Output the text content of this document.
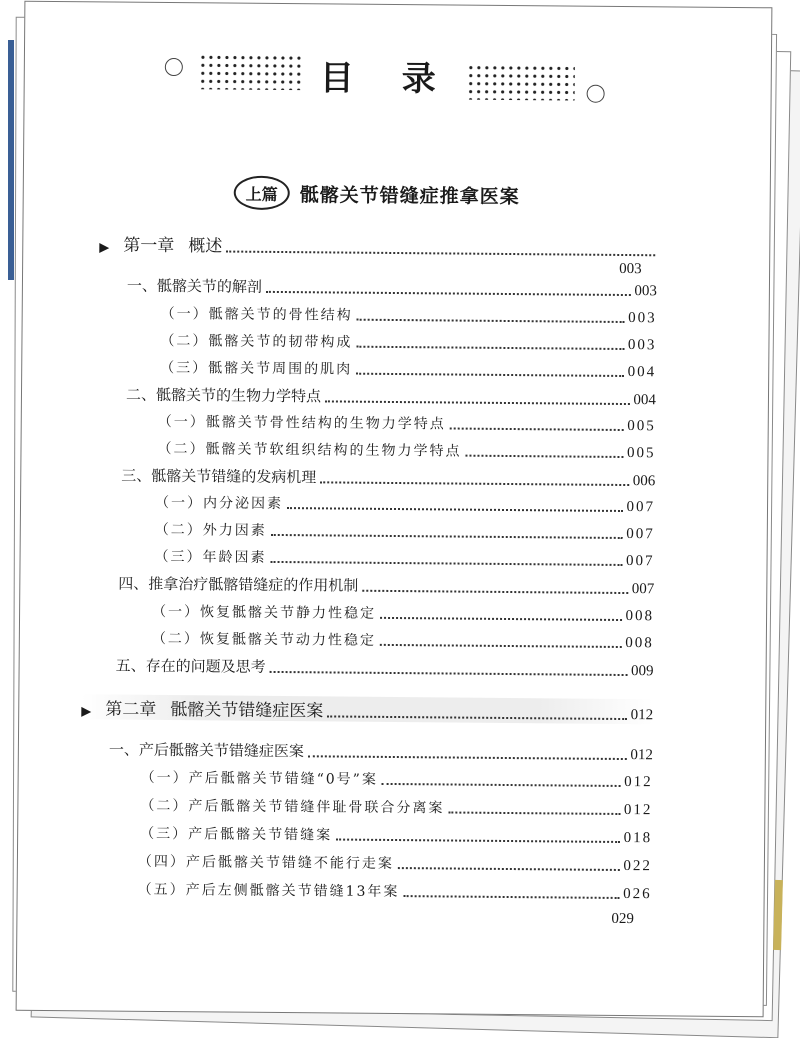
目 录
上篇	骶髂关节错缝症推拿医案
▶ 第一章 概述
003
一、骶髂关节的解剖	003
（一）骶髂关节的骨性结构	003
（二）骶髂关节的韧带构成	003
（三）骶髂关节周围的肌肉	004
二、骶髂关节的生物力学特点	004
（一）骶髂关节骨性结构的生物力学特点	005
（二）骶髂关节软组织结构的生物力学特点	005
三、骶髂关节错缝的发病机理	006
（一）内分泌因素	007
（二）外力因素	007
（三）年龄因素	007
四、推拿治疗骶髂错缝症的作用机制	007
（一）恢复骶髂关节静力性稳定	008
（二）恢复骶髂关节动力性稳定	008
五、存在的问题及思考	009
▶ 第二章 骶髂关节错缝症医案	012
一、产后骶髂关节错缝症医案	012
（一）产后骶髂关节错缝“0号”案	012
（二）产后骶髂关节错缝伴耻骨联合分离案	012
（三）产后骶髂关节错缝案	018
（四）产后骶髂关节错缝不能行走案	022
（五）产后左侧骶髂关节错缝13年案	026
029
